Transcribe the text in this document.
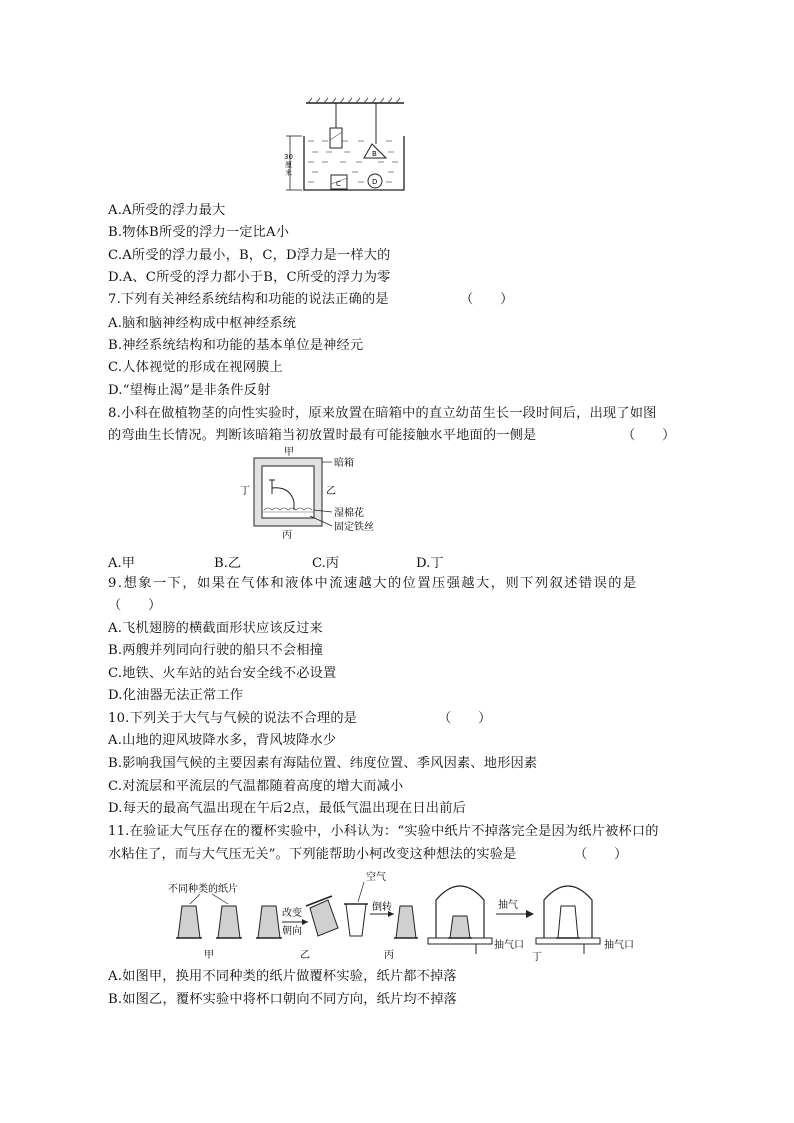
30
厘
米
B
C	D
A.A所受的浮力最大
B.物体B所受的浮力一定比A小
C.A所受的浮力最小，B，C，D浮力是一样大的
D.A、C所受的浮力都小于B，C所受的浮力为零
7.下列有关神经系统结构和功能的说法正确的是	（　　）
A.脑和脑神经构成中枢神经系统
B.神经系统结构和功能的基本单位是神经元
C.人体视觉的形成在视网膜上
D.“望梅止渴”是非条件反射
8.小科在做植物茎的向性实验时，原来放置在暗箱中的直立幼苗生长一段时间后，出现了如图
的弯曲生长情况。判断该暗箱当初放置时最有可能接触水平地面的一侧是	（　　）
甲
丁	乙
丙
暗箱
湿棉花
固定铁丝
A.甲	B.乙	C.丙	D.丁
9.想象一下，如果在气体和液体中流速越大的位置压强越大，则下列叙述错误的是
（　　）
A.飞机翅膀的横截面形状应该反过来
B.两艘并列同向行驶的船只不会相撞
C.地铁、火车站的站台安全线不必设置
D.化油器无法正常工作
10.下列关于大气与气候的说法不合理的是	（　　）
A.山地的迎风坡降水多，背风坡降水少
B.影响我国气候的主要因素有海陆位置、纬度位置、季风因素、地形因素
C.对流层和平流层的气温都随着高度的增大而减小
D.每天的最高气温出现在午后2点，最低气温出现在日出前后
11.在验证大气压存在的覆杯实验中，小科认为：“实验中纸片不掉落完全是因为纸片被杯口的
水粘住了，而与大气压无关”。下列能帮助小柯改变这种想法的实验是	（　　）
不同种类的纸片
甲
改变
朝向
乙
倒转
空气
丙
抽气口
抽气
抽气口
丁
A.如图甲，换用不同种类的纸片做覆杯实验，纸片都不掉落
B.如图乙，覆杯实验中将杯口朝向不同方向，纸片均不掉落
